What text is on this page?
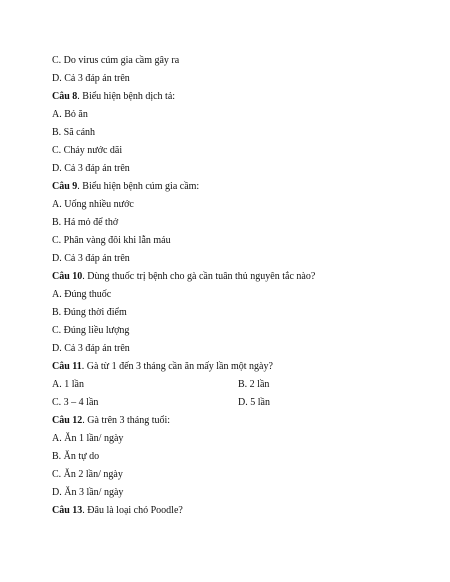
C. Do virus cúm gia cầm gây ra
D. Cả 3 đáp án trên
Câu 8. Biểu hiện bệnh dịch tả:
A. Bỏ ăn
B. Sã cánh
C. Chảy nước dãi
D. Cả 3 đáp án trên
Câu 9. Biểu hiện bệnh cúm gia cầm:
A. Uống nhiều nước
B. Há mỏ để thở
C. Phân vàng đôi khi lẫn máu
D. Cả 3 đáp án trên
Câu 10. Dùng thuốc trị bệnh cho gà cần tuân thủ nguyên tắc nào?
A. Đúng thuốc
B. Đúng thời điểm
C. Đúng liều lượng
D. Cả 3 đáp án trên
Câu 11. Gà từ 1 đến 3 tháng cần ăn mấy lần một ngày?
A. 1 lần	B. 2 lần
C. 3 – 4 lần	D. 5 lần
Câu 12. Gà trên 3 tháng tuổi:
A. Ăn 1 lần/ ngày
B. Ăn tự do
C. Ăn 2 lần/ ngày
D. Ăn 3 lần/ ngày
Câu 13. Đâu là loại chó Poodle?
